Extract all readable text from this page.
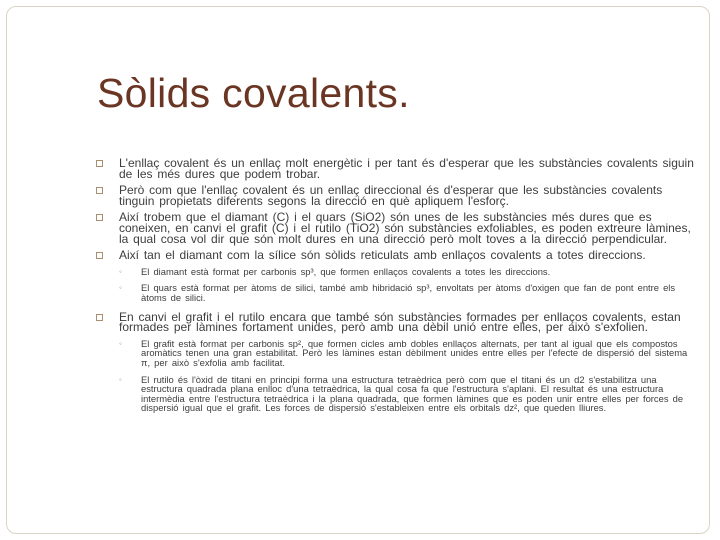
Sòlids covalents.
L'enllaç covalent és un enllaç molt energètic i per tant és d'esperar que les substàncies covalents siguin de les més dures que podem trobar.
Però com que l'enllaç covalent és un enllaç direccional és d'esperar que les substàncies covalents tinguin propietats diferents segons la direcció en què apliquem l'esforç.
Així trobem que el diamant (C) i el quars (SiO2) són unes de les substàncies més dures que es coneixen, en canvi el grafit (C) i el rutilo (TiO2) són substàncies exfoliables, es poden extreure làmines, la qual cosa vol dir que són molt dures en una direcció però molt toves a la direcció perpendicular.
Així tan el diamant com la sílice són sòlids reticulats amb enllaços covalents a totes direccions.
◦ El diamant està format per carbonis sp³, que formen enllaços covalents a totes les direccions.
◦ El quars està format per àtoms de silici, també amb hibridació sp³, envoltats per àtoms d'oxigen que fan de pont entre els àtoms de silici.
En canvi el grafit i el rutilo encara que també són substàncies formades per enllaços covalents, estan formades per làmines fortament unides, però amb una dèbil unió entre elles, per això s'exfolien.
◦ El grafit està format per carbonis sp², que formen cicles amb dobles enllaços alternats, per tant al igual que els compostos aromàtics tenen una gran estabilitat. Però les làmines estan dèbilment unides entre elles per l'efecte de dispersió del sistema π, per això s'exfolia amb facilitat.
◦ El rutilo és l'òxid de titani en principi forma una estructura tetraèdrica però com que el titani és un d2 s'estabilitza una estructura quadrada plana enlloc d'una tetraèdrica, la qual cosa fa que l'estructura s'aplani. El resultat és una estructura intermèdia entre l'estructura tetraèdrica i la plana quadrada, que formen làmines que es poden unir entre elles per forces de dispersió igual que el grafit. Les forces de dispersió s'estableixen entre els orbitals dz², que queden lliures.
